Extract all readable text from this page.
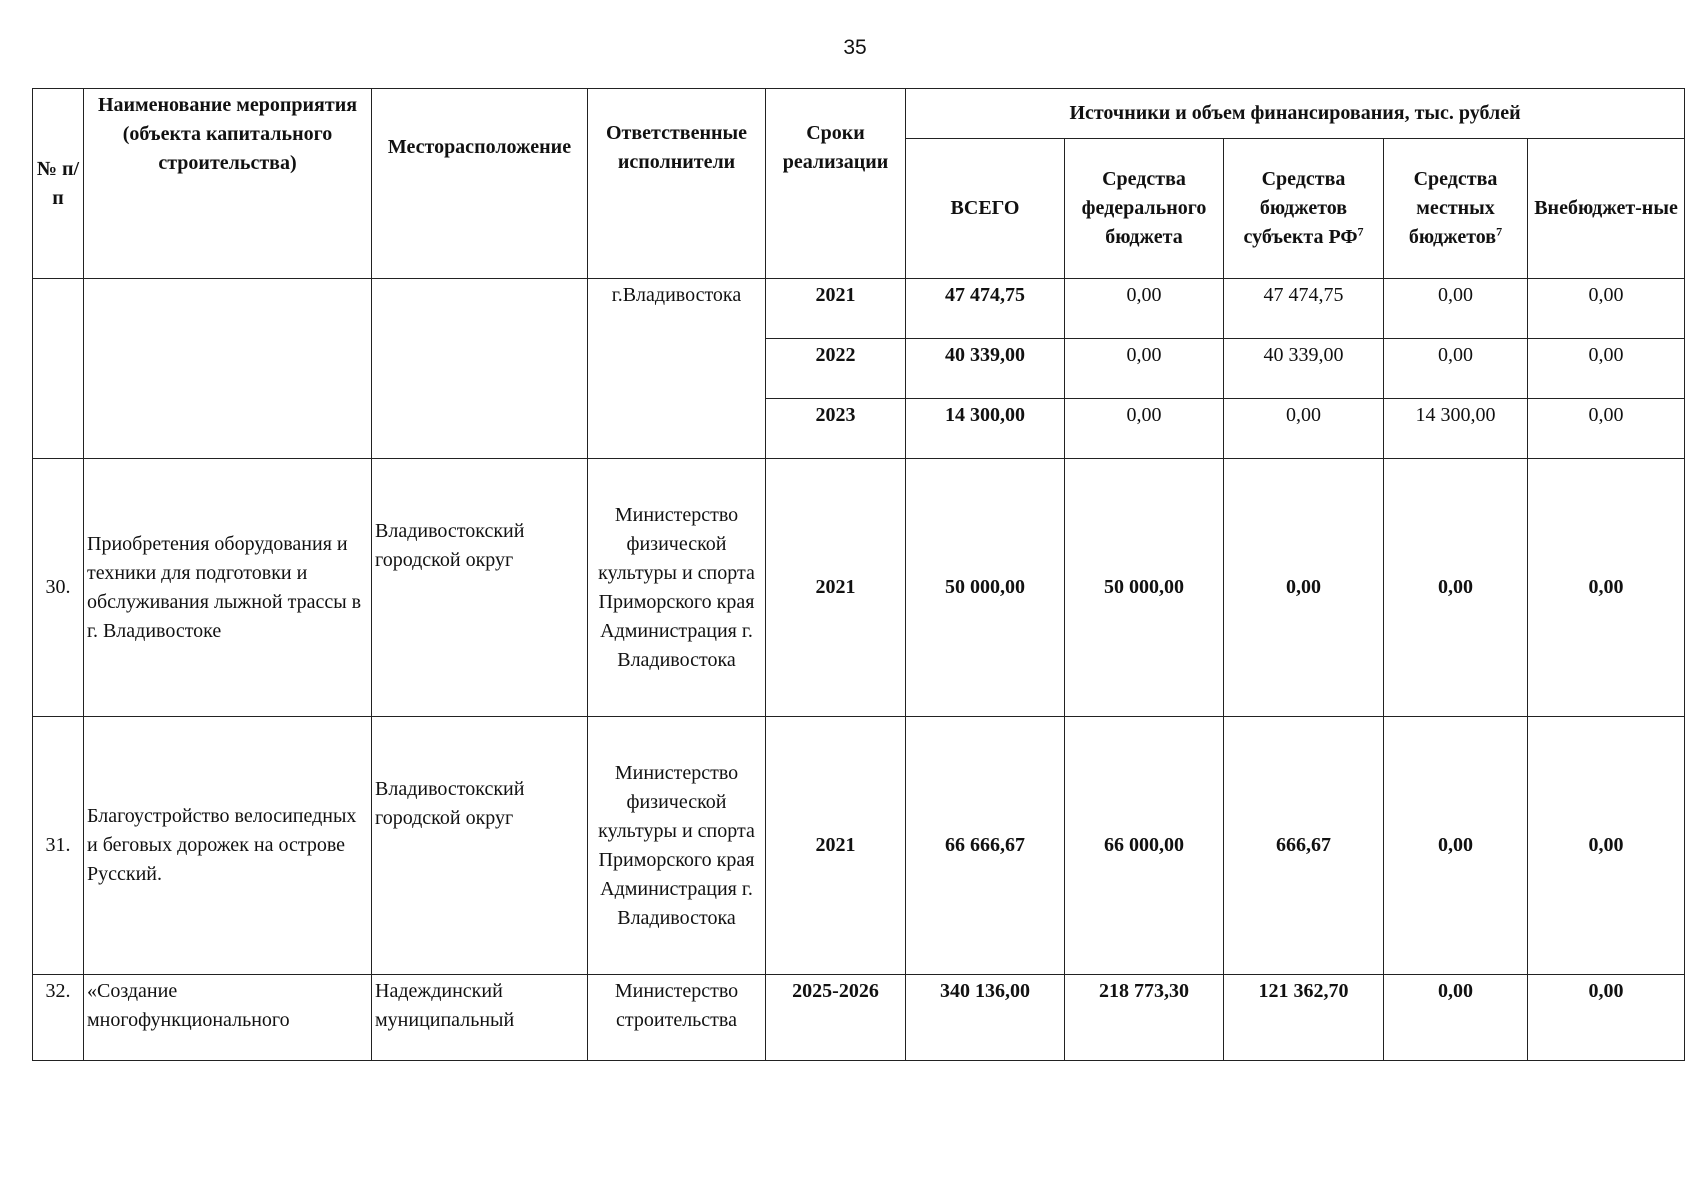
35
№ п/п	Наименование мероприятия (объекта капитального строительства)	Месторасположение	Ответственные исполнители	Сроки реализации	Источники и объем финансирования, тыс. рублей				
					ВСЕГО	Средства федерального бюджета	Средства бюджетов субъекта $РФ^7$	Средства местных бюджетов$^7$	Внебюджет-ные
			г.Владивостока	2021	47 474,75	0,00	47 474,75	0,00	0,00
				2022	40 339,00	0,00	40 339,00	0,00	0,00
				2023	14 300,00	0,00	0,00	14 300,00	0,00
30.	Приобретения оборудования и техники для подготовки и обслуживания лыжной трассы в г. Владивостоке	Владивостокский городской округ	Министерство физической культуры и спорта Приморского края Администрация г. Владивостока	2021	50 000,00	50 000,00	0,00	0,00	0,00
31.	Благоустройство велосипедных и беговых дорожек на острове Русский.	Владивостокский городской округ	Министерство физической культуры и спорта Приморского края Администрация г. Владивостока	2021	66 666,67	66 000,00	666,67	0,00	0,00
32.	«Создание многофункционального	Надеждинский муниципальный	Министерство строительства	2025-2026	340 136,00	218 773,30	121 362,70	0,00	0,00
